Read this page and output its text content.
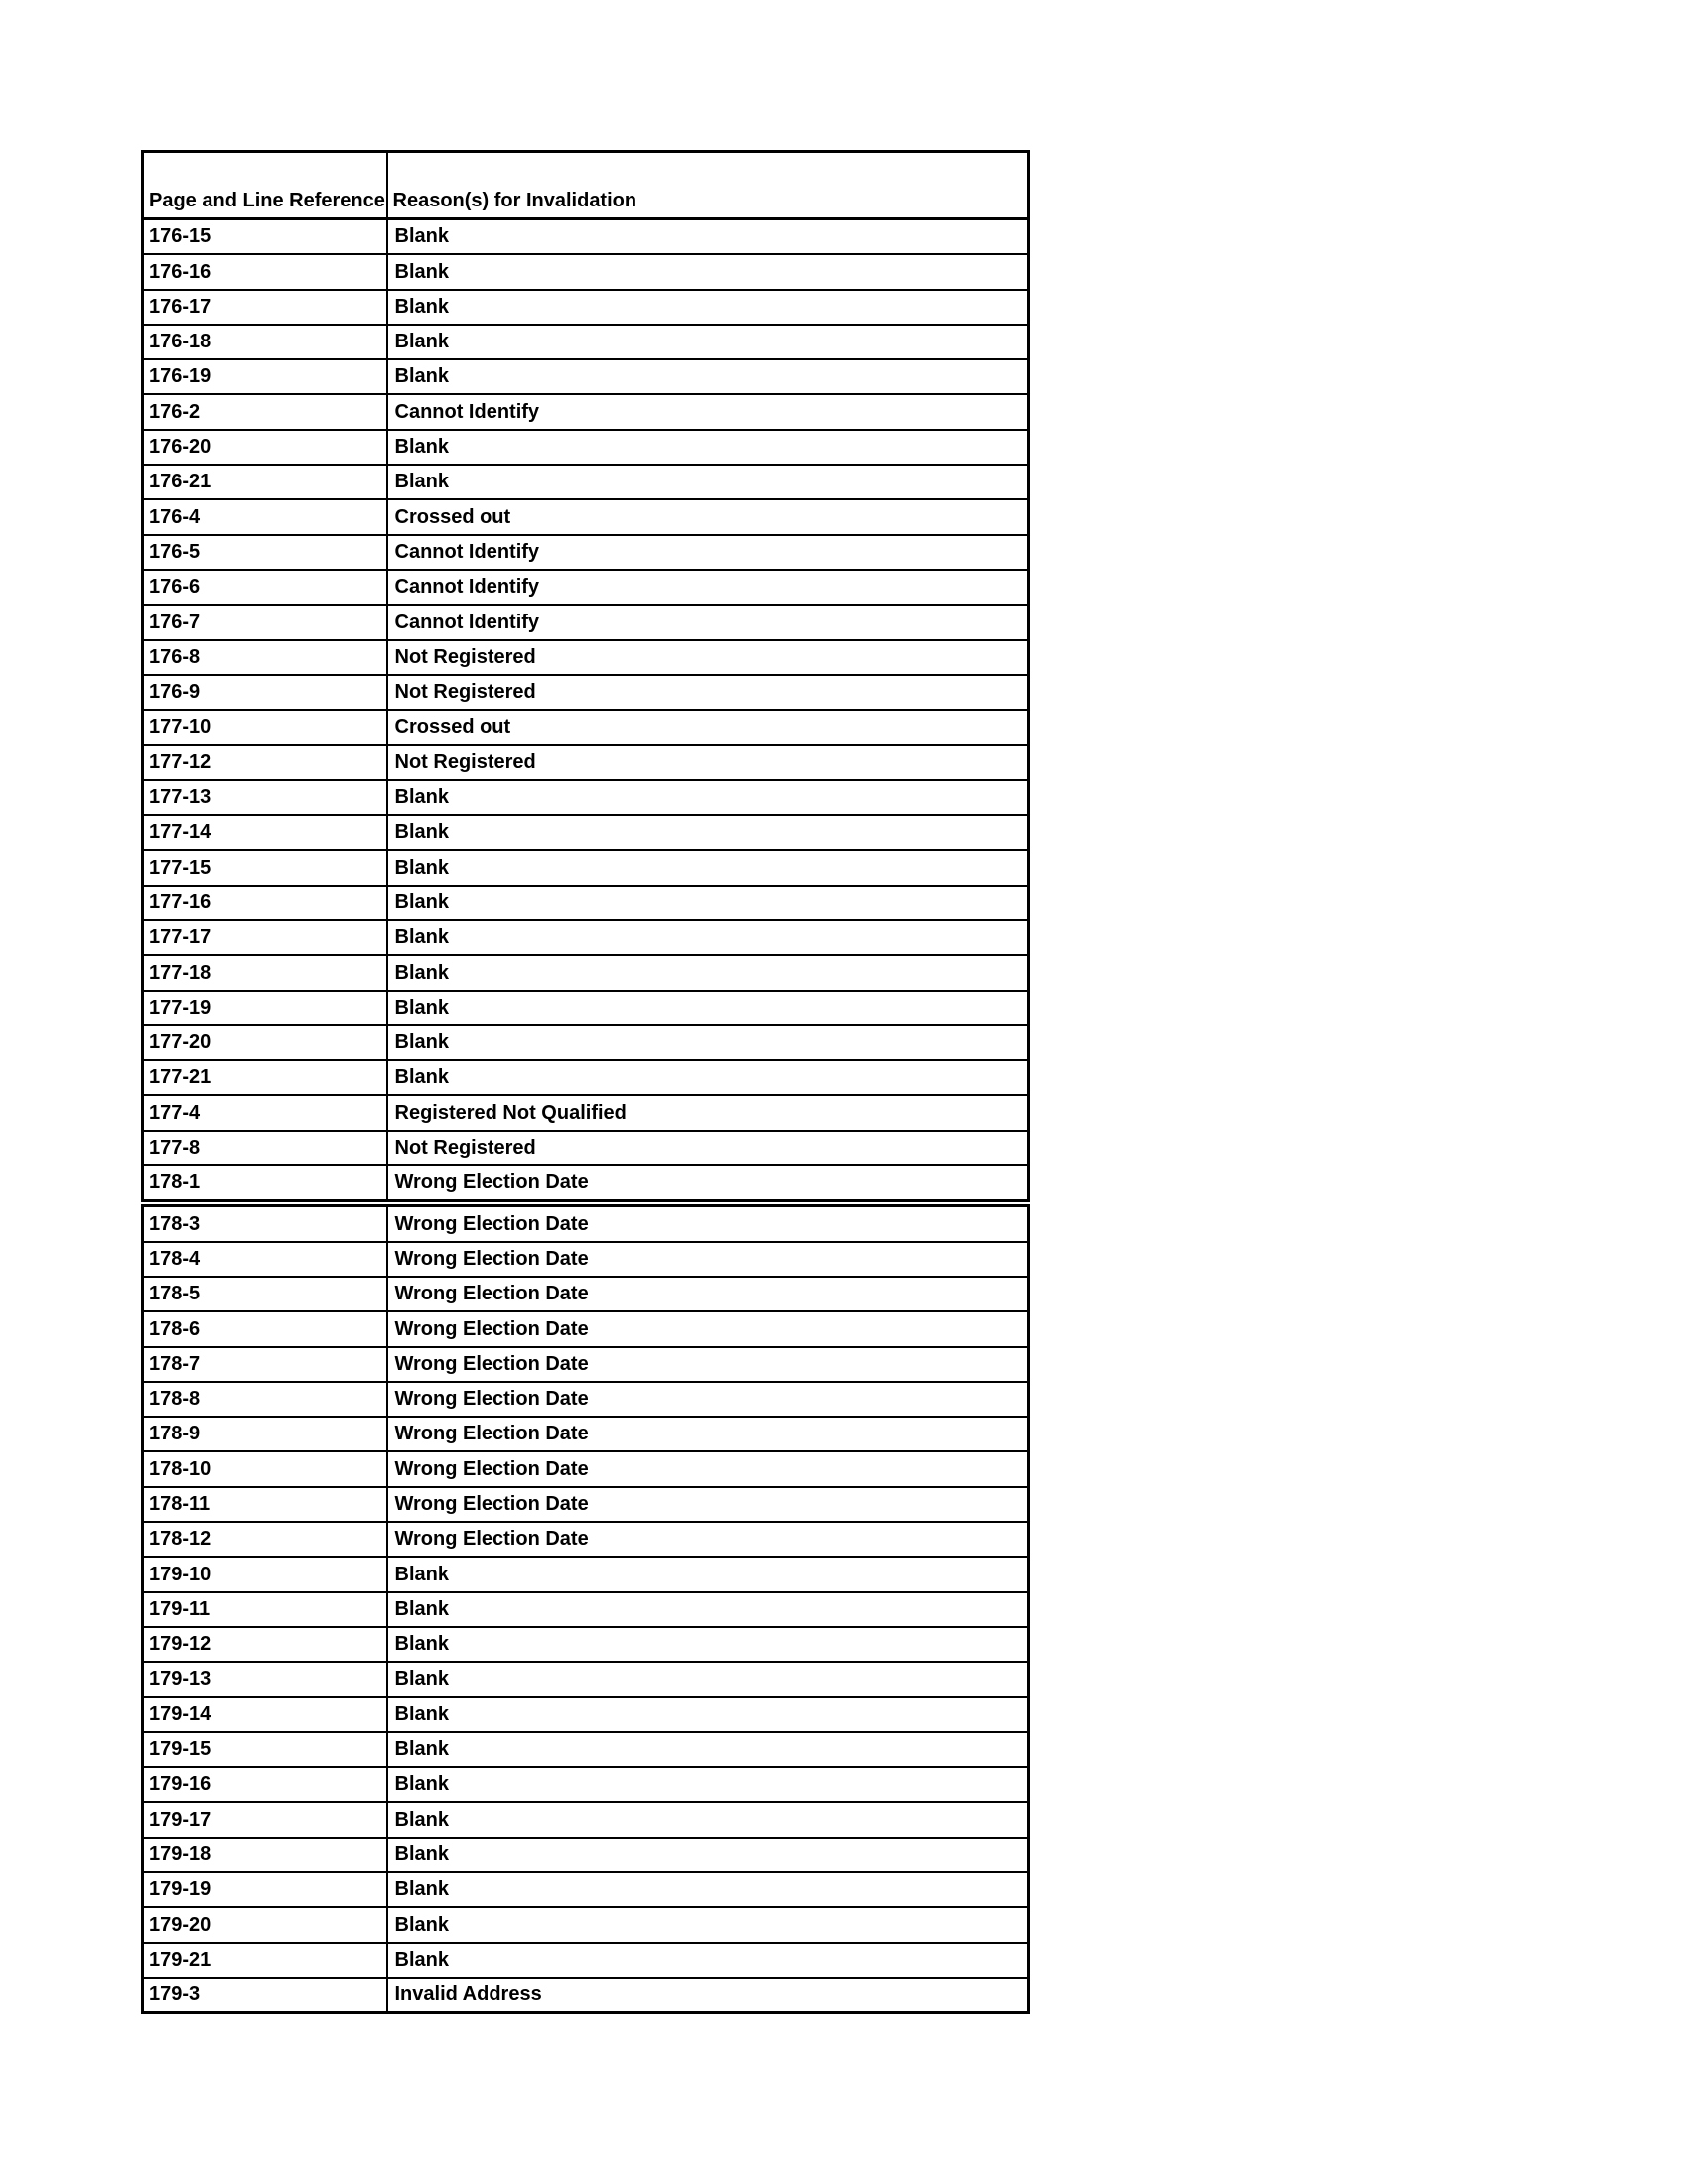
Page and Line Reference	Reason(s) for Invalidation
176-15	Blank
176-16	Blank
176-17	Blank
176-18	Blank
176-19	Blank
176-2	Cannot Identify
176-20	Blank
176-21	Blank
176-4	Crossed out
176-5	Cannot Identify
176-6	Cannot Identify
176-7	Cannot Identify
176-8	Not Registered
176-9	Not Registered
177-10	Crossed out
177-12	Not Registered
177-13	Blank
177-14	Blank
177-15	Blank
177-16	Blank
177-17	Blank
177-18	Blank
177-19	Blank
177-20	Blank
177-21	Blank
177-4	Registered Not Qualified
177-8	Not Registered
178-1	Wrong Election Date
178-3	Wrong Election Date
178-4	Wrong Election Date
178-5	Wrong Election Date
178-6	Wrong Election Date
178-7	Wrong Election Date
178-8	Wrong Election Date
178-9	Wrong Election Date
178-10	Wrong Election Date
178-11	Wrong Election Date
178-12	Wrong Election Date
179-10	Blank
179-11	Blank
179-12	Blank
179-13	Blank
179-14	Blank
179-15	Blank
179-16	Blank
179-17	Blank
179-18	Blank
179-19	Blank
179-20	Blank
179-21	Blank
179-3	Invalid Address
